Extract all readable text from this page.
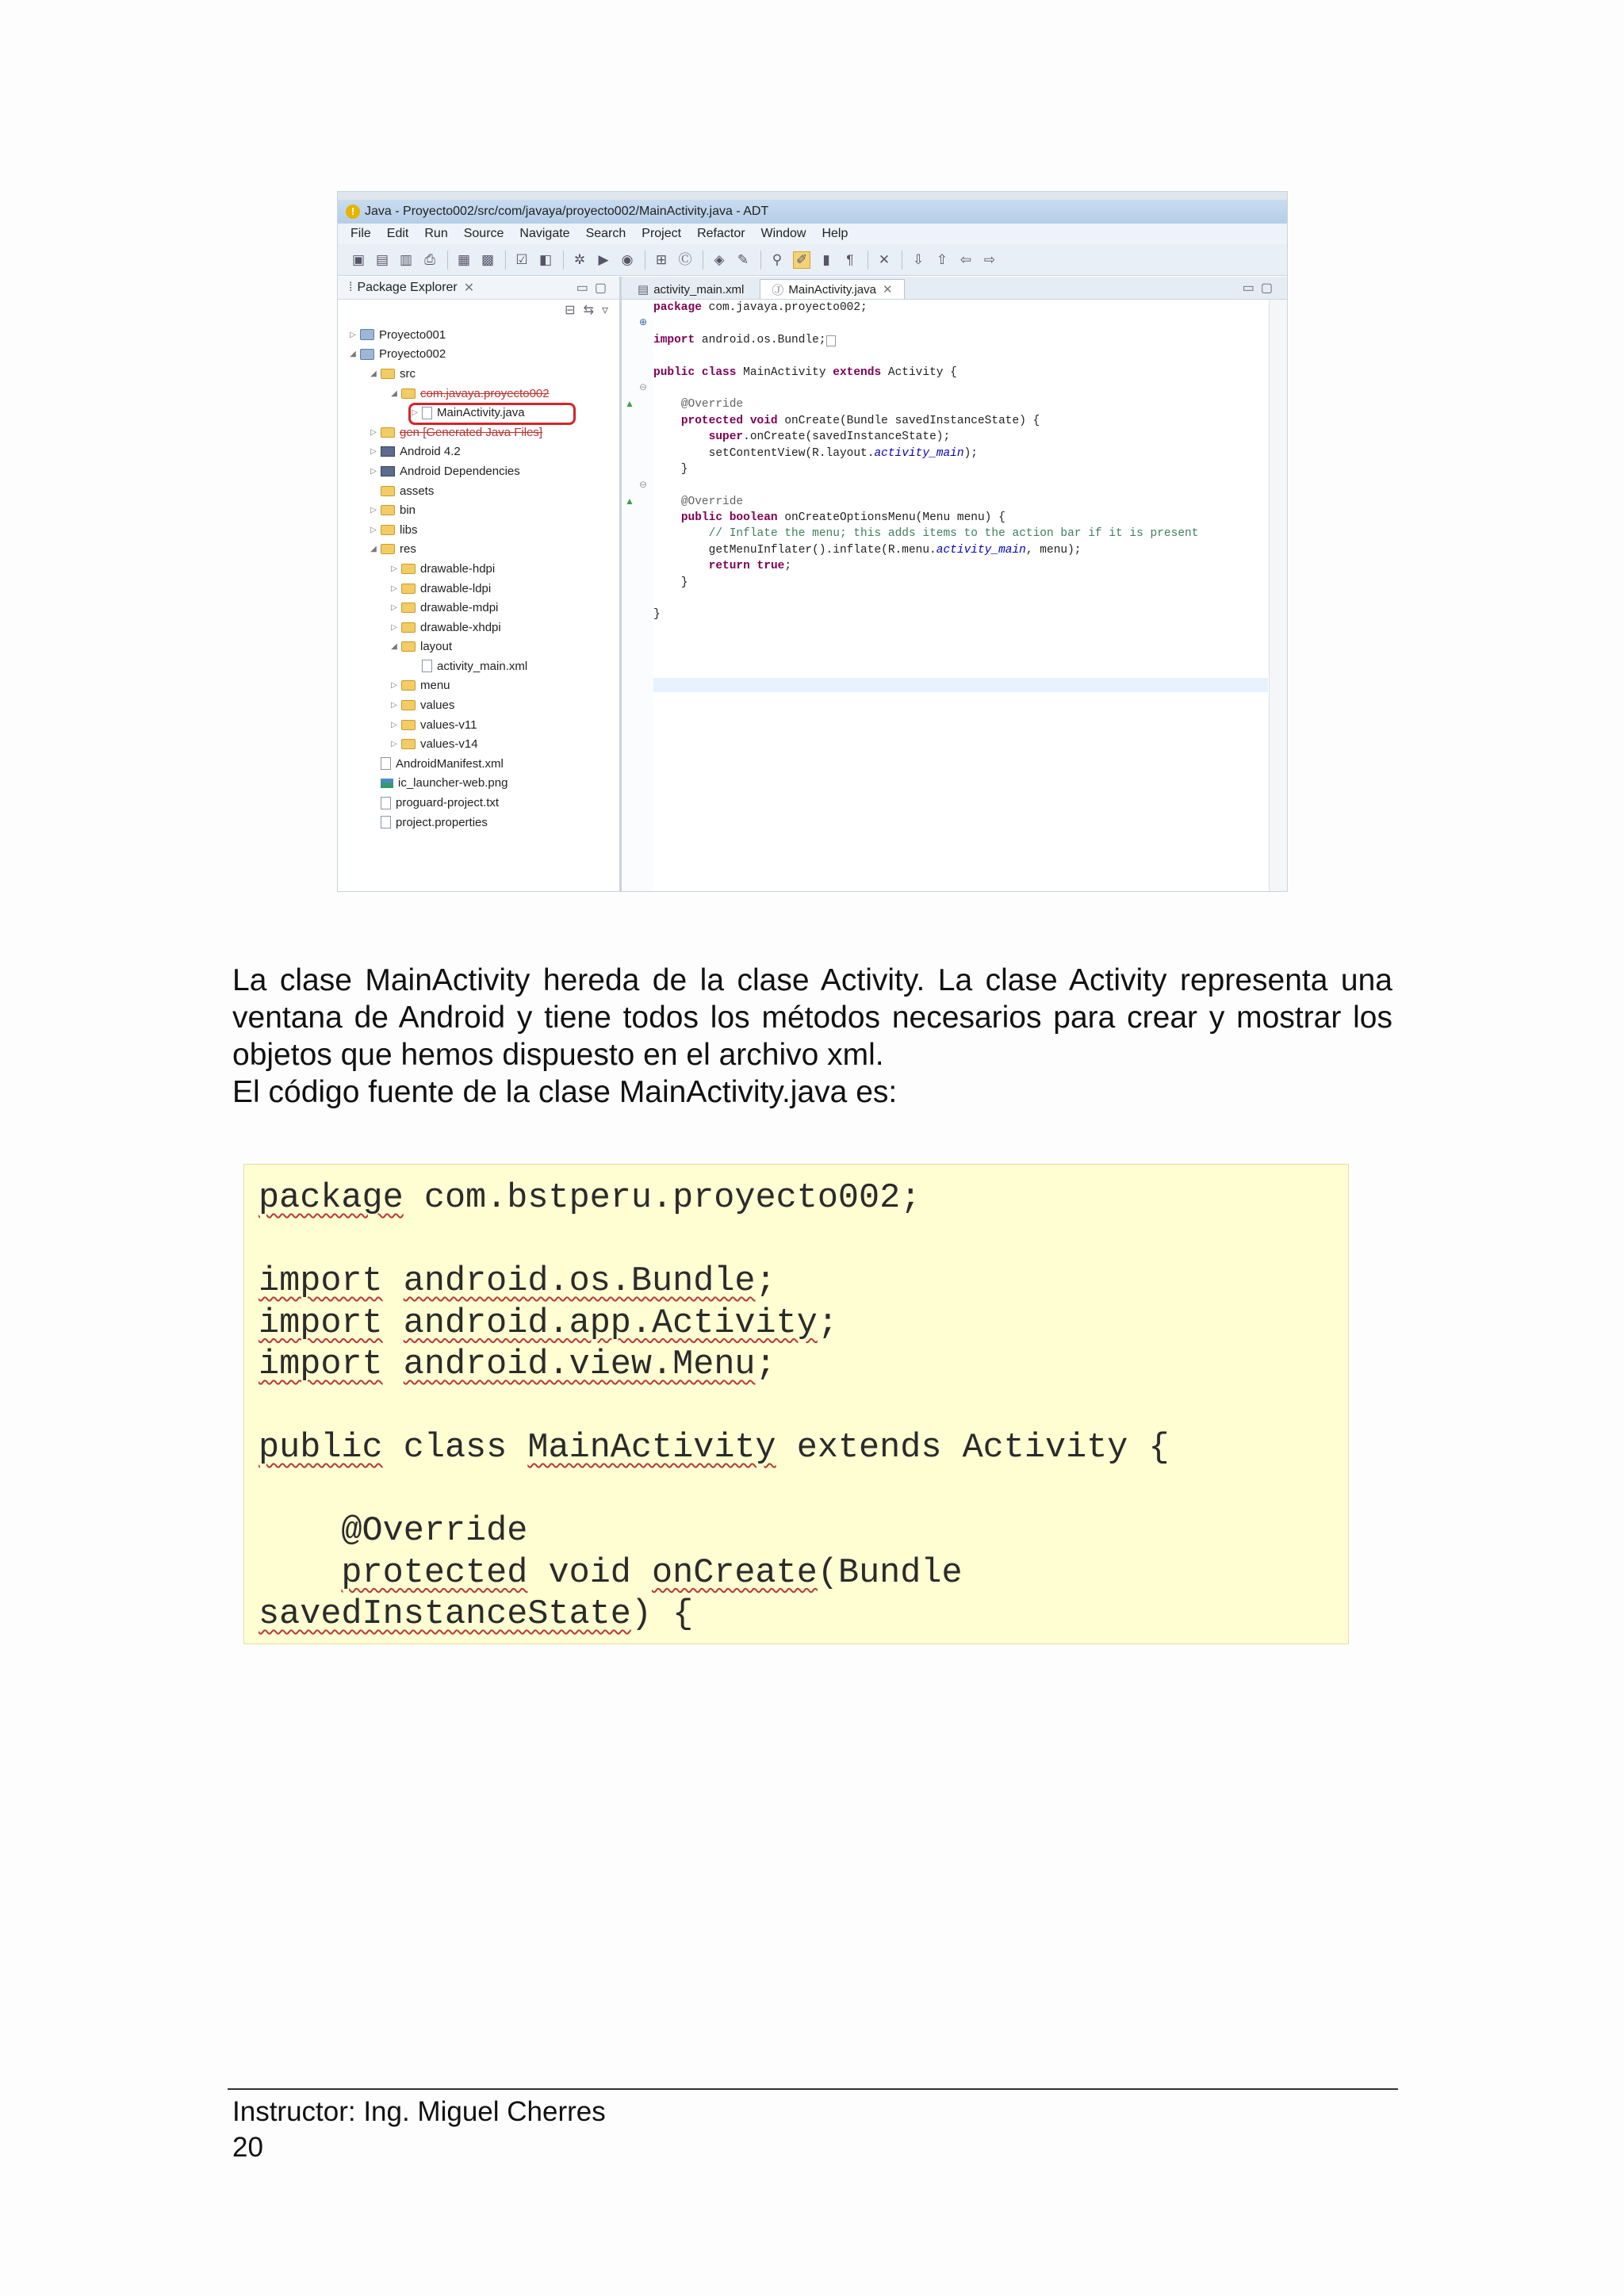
! Java - Proyecto002/src/com/javaya/proyecto002/MainActivity.java - ADT
File Edit Run Source Navigate Search Project Refactor Window Help
▣ ▤ ▥ ⎙ ▦ ▩ ☑ ◧ ✲ ▶ ◉ ⊞ Ⓒ ◈ ✎ ⚲ ✐	▮	¶	✕ ⇩ ⇧ ⇦ ⇨
⁞ Package Explorer ✕	▭▢
⊟ ⇆ ▿
▷ Proyecto001
◢ Proyecto002
◢ src
◢ com.javaya.proyecto002
▷ MainActivity.java
▷ gen [Generated Java Files]
▷ Android 4.2
▷ Android Dependencies
assets
▷ bin
▷ libs
◢ res
▷ drawable-hdpi
▷ drawable-ldpi
▷ drawable-mdpi
▷ drawable-xhdpi
◢ layout
activity_main.xml
▷ menu
▷ values
▷ values-v11
▷ values-v14
AndroidManifest.xml
ic_launcher-web.png
proguard-project.txt
project.properties
▤ activity_main.xml Ⓙ MainActivity.java ✕	▭▢
⊕
⊖
▲
⊖
▲
package com.javaya.proyecto002;
import android.os.Bundle;
public class MainActivity extends Activity {
@Override
protected void onCreate(Bundle savedInstanceState) {
super.onCreate(savedInstanceState);
setContentView(R.layout.activity_main);
}
@Override
public boolean onCreateOptionsMenu(Menu menu) {
// Inflate the menu; this adds items to the action bar if it is present
getMenuInflater().inflate(R.menu.activity_main, menu);
return true;
}
}

La clase MainActivity hereda de la clase Activity. La clase Activity representa una ventana de Android y tiene todos los métodos necesarios para crear y mostrar los objetos que hemos dispuesto en el archivo xml.

El código fuente de la clase MainActivity.java es:

package com.bstperu.proyecto002;
import android.os.Bundle;
import android.app.Activity;
import android.view.Menu;
public class MainActivity extends Activity {
@Override
protected void onCreate(Bundle
savedInstanceState) {
Instructor: Ing. Miguel Cherres
20
